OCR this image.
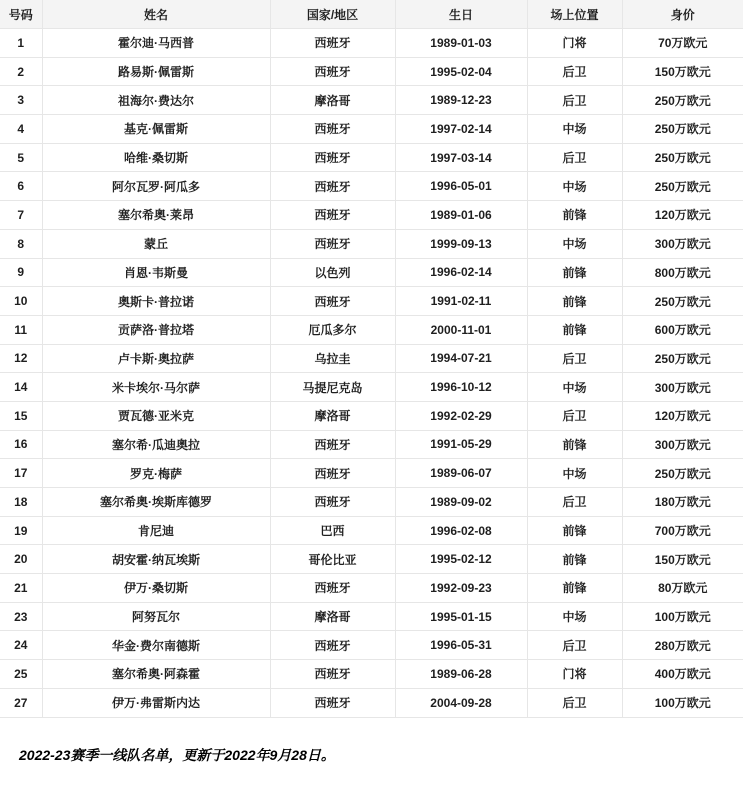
号码	姓名	国家/地区	生日	场上位置	身价
1	霍尔迪·马西普	西班牙	1989-01-03	门将	70万欧元
2	路易斯·佩雷斯	西班牙	1995-02-04	后卫	150万欧元
3	祖海尔·费达尔	摩洛哥	1989-12-23	后卫	250万欧元
4	基克·佩雷斯	西班牙	1997-02-14	中场	250万欧元
5	哈维·桑切斯	西班牙	1997-03-14	后卫	250万欧元
6	阿尔瓦罗·阿瓜多	西班牙	1996-05-01	中场	250万欧元
7	塞尔希奥·莱昂	西班牙	1989-01-06	前锋	120万欧元
8	蒙丘	西班牙	1999-09-13	中场	300万欧元
9	肖恩·韦斯曼	以色列	1996-02-14	前锋	800万欧元
10	奥斯卡·普拉诺	西班牙	1991-02-11	前锋	250万欧元
11	贡萨洛·普拉塔	厄瓜多尔	2000-11-01	前锋	600万欧元
12	卢卡斯·奥拉萨	乌拉圭	1994-07-21	后卫	250万欧元
14	米卡埃尔·马尔萨	马提尼克岛	1996-10-12	中场	300万欧元
15	贾瓦德·亚米克	摩洛哥	1992-02-29	后卫	120万欧元
16	塞尔希·瓜迪奥拉	西班牙	1991-05-29	前锋	300万欧元
17	罗克·梅萨	西班牙	1989-06-07	中场	250万欧元
18	塞尔希奥·埃斯库德罗	西班牙	1989-09-02	后卫	180万欧元
19	肯尼迪	巴西	1996-02-08	前锋	700万欧元
20	胡安霍·纳瓦埃斯	哥伦比亚	1995-02-12	前锋	150万欧元
21	伊万·桑切斯	西班牙	1992-09-23	前锋	80万欧元
23	阿努瓦尔	摩洛哥	1995-01-15	中场	100万欧元
24	华金·费尔南德斯	西班牙	1996-05-31	后卫	280万欧元
25	塞尔希奥·阿森霍	西班牙	1989-06-28	门将	400万欧元
27	伊万·弗雷斯内达	西班牙	2004-09-28	后卫	100万欧元
2022-23赛季一线队名单，更新于2022年9月28日。
